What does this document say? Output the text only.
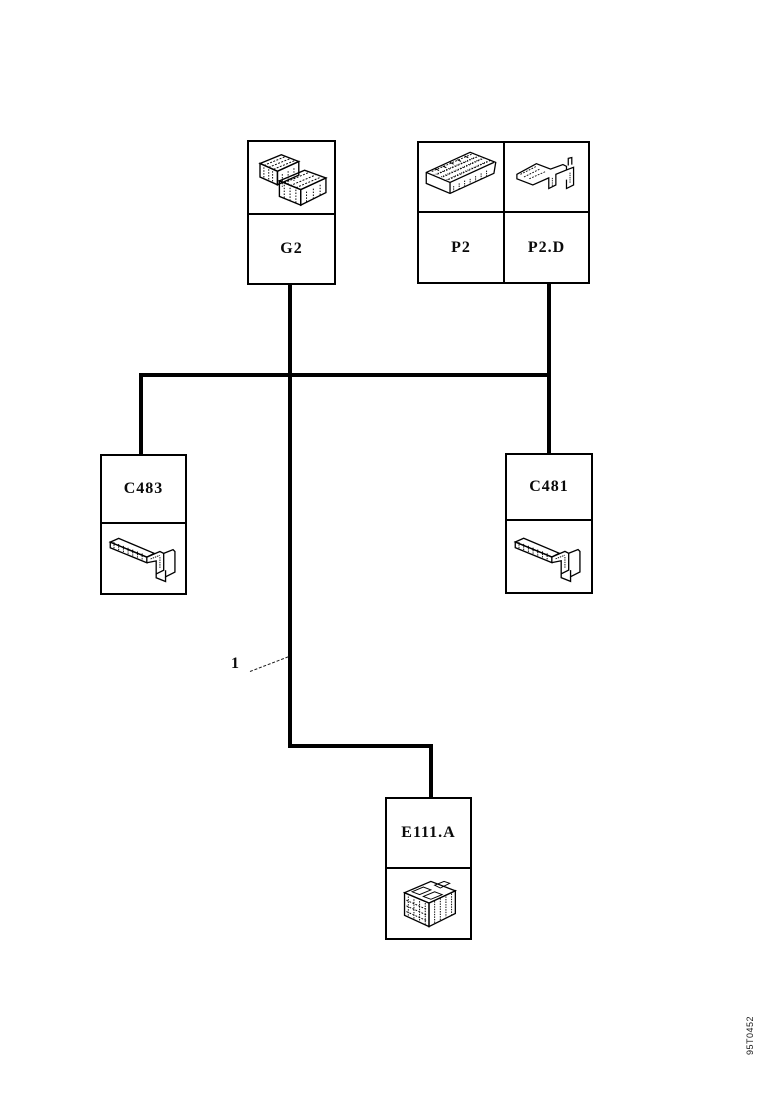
G2	P2	P2.D
C483	C481
E111.A
1
95T0452
